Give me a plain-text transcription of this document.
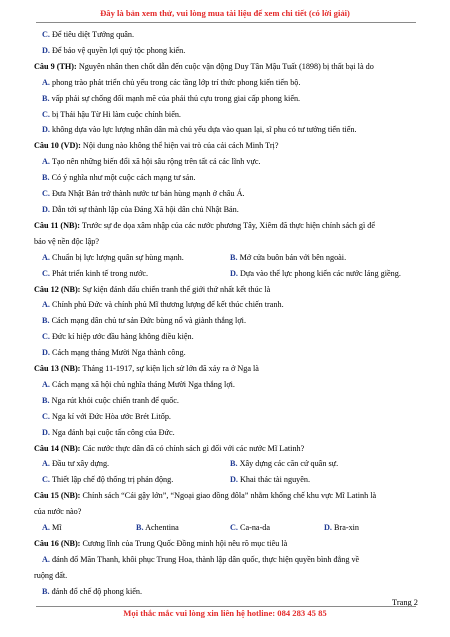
Đây là bản xem thử, vui lòng mua tài liệu để xem chi tiết (có lời giải)
C. Để tiêu diệt Tướng quân.
D. Để bảo vệ quyền lợi quý tộc phong kiến.
Câu 9 (TH): Nguyên nhân then chốt dẫn đến cuộc vận động Duy Tân Mậu Tuất (1898) bị thất bại là do
A. phong trào phát triển chủ yếu trong các tầng lớp trí thức phong kiến tiến bộ.
B. vấp phải sự chống đối mạnh mẽ của phái thủ cựu trong giai cấp phong kiến.
C. bị Thái hậu Từ Hi làm cuộc chính biến.
D. không dựa vào lực lượng nhân dân mà chủ yếu dựa vào quan lại, sĩ phu có tư tưởng tiến tiến.
Câu 10 (VD): Nội dung nào không thể hiện vai trò của cải cách Minh Trị?
A. Tạo nên những biến đổi xã hội sâu rộng trên tất cả các lĩnh vực.
B. Có ý nghĩa như một cuộc cách mạng tư sản.
C. Đưa Nhật Bản trở thành nước tư bản hùng mạnh ở châu Á.
D. Dẫn tới sự thành lập của Đảng Xã hội dân chủ Nhật Bản.
Câu 11 (NB): Trước sự đe dọa xâm nhập của các nước phương Tây, Xiêm đã thực hiện chính sách gì để
bảo vệ nền độc lập?
A. Chuẩn bị lực lượng quân sự hùng mạnh.	B. Mở cửa buôn bán với bên ngoài.
C. Phát triển kinh tế trong nước.	D. Dựa vào thế lực phong kiến các nước láng giềng.
Câu 12 (NB): Sự kiện đánh dấu chiến tranh thế giới thứ nhất kết thúc là
A. Chính phủ Đức và chính phủ Mĩ thương lượng để kết thúc chiến tranh.
B. Cách mạng dân chủ tư sản Đức bùng nổ và giành thắng lợi.
C. Đức kí hiệp ước đầu hàng không điều kiện.
D. Cách mạng tháng Mười Nga thành công.
Câu 13 (NB): Tháng 11-1917, sự kiện lịch sử lớn đã xảy ra ở Nga là
A. Cách mạng xã hội chủ nghĩa tháng Mười Nga thắng lợi.
B. Nga rút khỏi cuộc chiến tranh để quốc.
C. Nga kí với Đức Hòa ước Brét Litốp.
D. Nga đánh bại cuộc tấn công của Đức.
Câu 14 (NB): Các nước thực dân đã có chính sách gì đối với các nước Mĩ Latinh?
A. Đầu tư xây dựng.	B. Xây dựng các căn cứ quân sự.
C. Thiết lập chế độ thống trị phản động.	D. Khai thác tài nguyên.
Câu 15 (NB): Chính sách “Cái gậy lớn”, “Ngoại giao đồng đôla” nhằm khống chế khu vực Mĩ Latinh là
của nước nào?
A. Mĩ	B. Achentina	C. Ca-na-da	D. Bra-xin
Câu 16 (NB): Cương lĩnh của Trung Quốc Đồng minh hội nêu rõ mục tiêu là
A. đánh đổ Mãn Thanh, khôi phục Trung Hoa, thành lập dân quốc, thực hiện quyền bình đẳng về
ruộng đất.
B. đánh đổ chế độ phong kiến.
Trang 2
Mọi thắc mắc vui lòng xin liên hệ hotline: 084 283 45 85
